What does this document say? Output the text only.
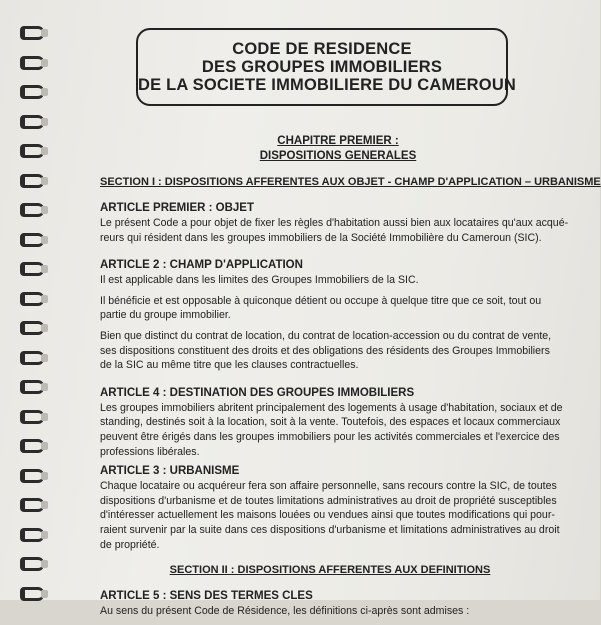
CODE DE RESIDENCE
DES GROUPES IMMOBILIERS
DE LA SOCIETE IMMOBILIERE DU CAMEROUN
CHAPITRE PREMIER :
DISPOSITIONS GENERALES
SECTION I : DISPOSITIONS AFFERENTES AUX OBJET - CHAMP D'APPLICATION – URBANISME
ARTICLE PREMIER : OBJET

Le présent Code a pour objet de fixer les règles d'habitation aussi bien aux locataires qu'aux acqué-
reurs qui résident dans les groupes immobiliers de la Société Immobilière du Cameroun (SIC).

ARTICLE 2 : CHAMP D'APPLICATION

Il est applicable dans les limites des Groupes Immobiliers de la SIC.

Il bénéficie et est opposable à quiconque détient ou occupe à quelque titre que ce soit, tout ou
partie du groupe immobilier.

Bien que distinct du contrat de location, du contrat de location-accession ou du contrat de vente,
ses dispositions constituent des droits et des obligations des résidents des Groupes Immobiliers
de la SIC au même titre que les clauses contractuelles.

ARTICLE 4 : DESTINATION DES GROUPES IMMOBILIERS

Les groupes immobiliers abritent principalement des logements à usage d'habitation, sociaux et de
standing, destinés soit à la location, soit à la vente. Toutefois, des espaces et locaux commerciaux
peuvent être érigés dans les groupes immobiliers pour les activités commerciales et l'exercice des
professions libérales.

ARTICLE 3 : URBANISME

Chaque locataire ou acquéreur fera son affaire personnelle, sans recours contre la SIC, de toutes
dispositions d'urbanisme et de toutes limitations administratives au droit de propriété susceptibles
d'intéresser actuellement les maisons louées ou vendues ainsi que toutes modifications qui pour-
raient survenir par la suite dans ces dispositions d'urbanisme et limitations administratives au droit
de propriété.

SECTION II : DISPOSITIONS AFFERENTES AUX DEFINITIONS
ARTICLE 5 : SENS DES TERMES CLES

Au sens du présent Code de Résidence, les définitions ci-après sont admises :
